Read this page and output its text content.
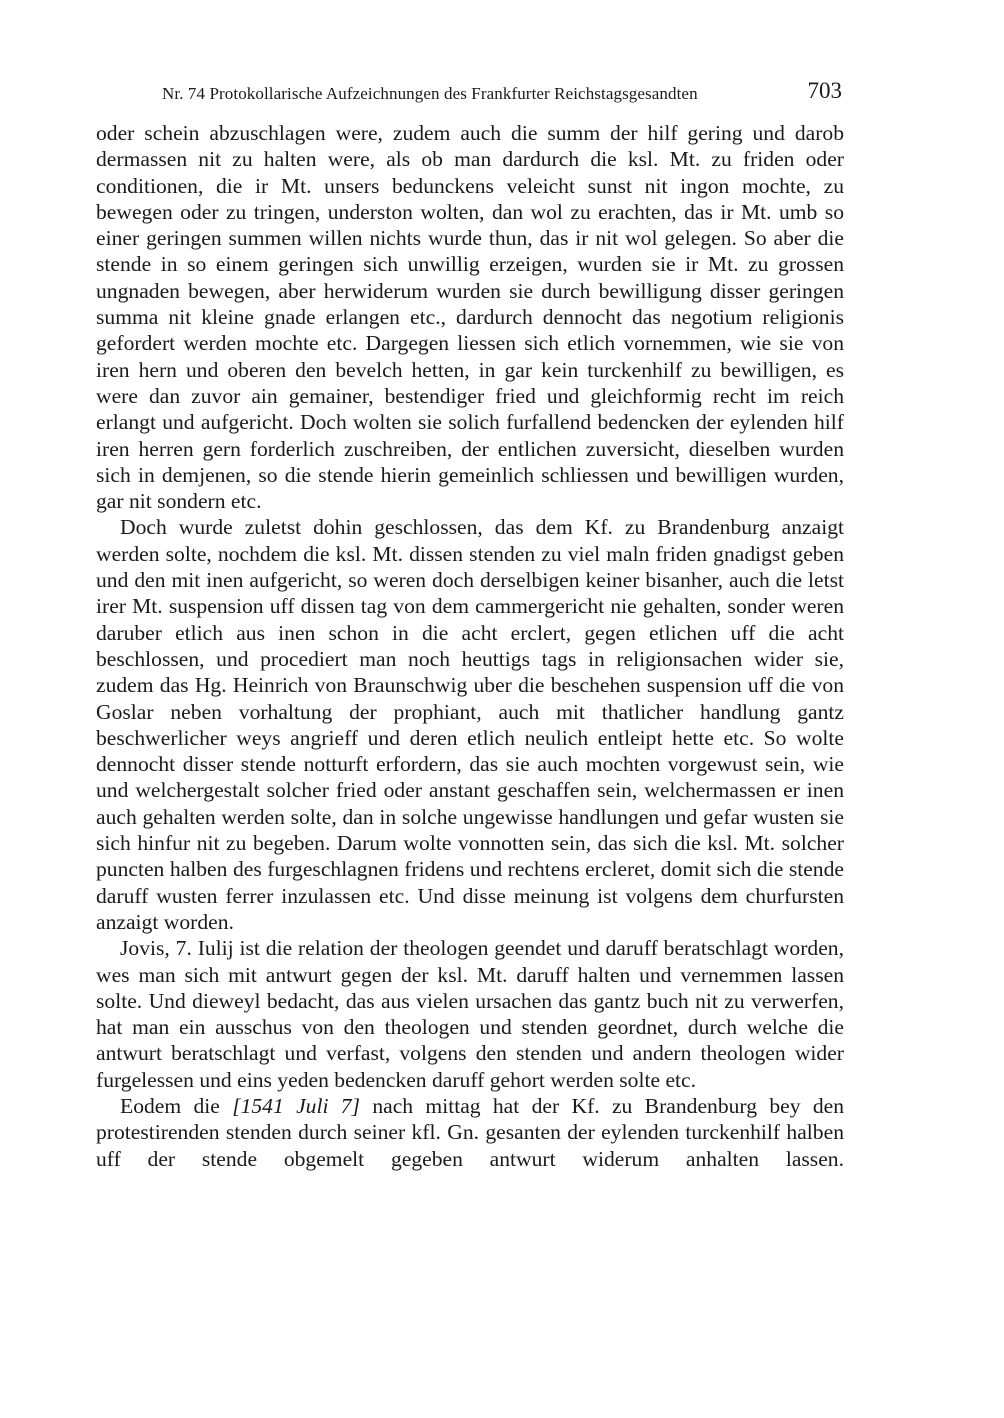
Nr. 74 Protokollarische Aufzeichnungen des Frankfurter Reichstagsgesandten	703

oder schein abzuschlagen were, zudem auch die summ der hilf gering und darob dermassen nit zu halten were, als ob man dardurch die ksl. Mt. zu friden oder conditionen, die ir Mt. unsers bedunckens veleicht sunst nit ingon mochte, zu bewegen oder zu tringen, underston wolten, dan wol zu erachten, das ir Mt. umb so einer geringen summen willen nichts wurde thun, das ir nit wol gelegen. So aber die stende in so einem geringen sich unwillig erzeigen, wurden sie ir Mt. zu grossen ungnaden bewegen, aber herwiderum wurden sie durch bewilligung disser geringen summa nit kleine gnade erlangen etc., dardurch dennocht das negotium religionis gefordert werden mochte etc. Dargegen liessen sich etlich vornemmen, wie sie von iren hern und oberen den bevelch hetten, in gar kein turckenhilf zu bewilligen, es were dan zuvor ain gemainer, bestendiger fried und gleichformig recht im reich erlangt und aufgericht. Doch wolten sie solich furfallend bedencken der eylenden hilf iren herren gern forderlich zuschreiben, der entlichen zuversicht, dieselben wurden sich in demjenen, so die stende hierin gemeinlich schliessen und bewilligen wurden, gar nit sondern etc.

Doch wurde zuletst dohin geschlossen, das dem Kf. zu Brandenburg anzaigt werden solte, nochdem die ksl. Mt. dissen stenden zu viel maln friden gnadigst geben und den mit inen aufgericht, so weren doch derselbigen keiner bisanher, auch die letst irer Mt. suspension uff dissen tag von dem cammergericht nie gehalten, sonder weren daruber etlich aus inen schon in die acht erclert, gegen etlichen uff die acht beschlossen, und procediert man noch heuttigs tags in religionsachen wider sie, zudem das Hg. Heinrich von Braunschwig uber die beschehen suspension uff die von Goslar neben vorhaltung der prophiant, auch mit thatlicher handlung gantz beschwerlicher weys angrieff und deren etlich neulich entleipt hette etc. So wolte dennocht disser stende notturft erfordern, das sie auch mochten vorgewust sein, wie und welchergestalt solcher fried oder anstant geschaffen sein, welchermassen er inen auch gehalten werden solte, dan in solche ungewisse handlungen und gefar wusten sie sich hinfur nit zu begeben. Darum wolte vonnotten sein, das sich die ksl. Mt. solcher puncten halben des furgeschlagnen fridens und rechtens ercleret, domit sich die stende daruff wusten ferrer inzulassen etc. Und disse meinung ist volgens dem churfursten anzaigt worden.

Jovis, 7. Iulij ist die relation der theologen geendet und daruff beratschlagt worden, wes man sich mit antwurt gegen der ksl. Mt. daruff halten und vernemmen lassen solte. Und dieweyl bedacht, das aus vielen ursachen das gantz buch nit zu verwerfen, hat man ein ausschus von den theologen und stenden geordnet, durch welche die antwurt beratschlagt und verfast, volgens den stenden und andern theologen wider furgelessen und eins yeden bedencken daruff gehort werden solte etc.

Eodem die [1541 Juli 7] nach mittag hat der Kf. zu Brandenburg bey den protestirenden stenden durch seiner kfl. Gn. gesanten der eylenden turckenhilf halben uff der stende obgemelt gegeben antwurt widerum anhalten lassen.
